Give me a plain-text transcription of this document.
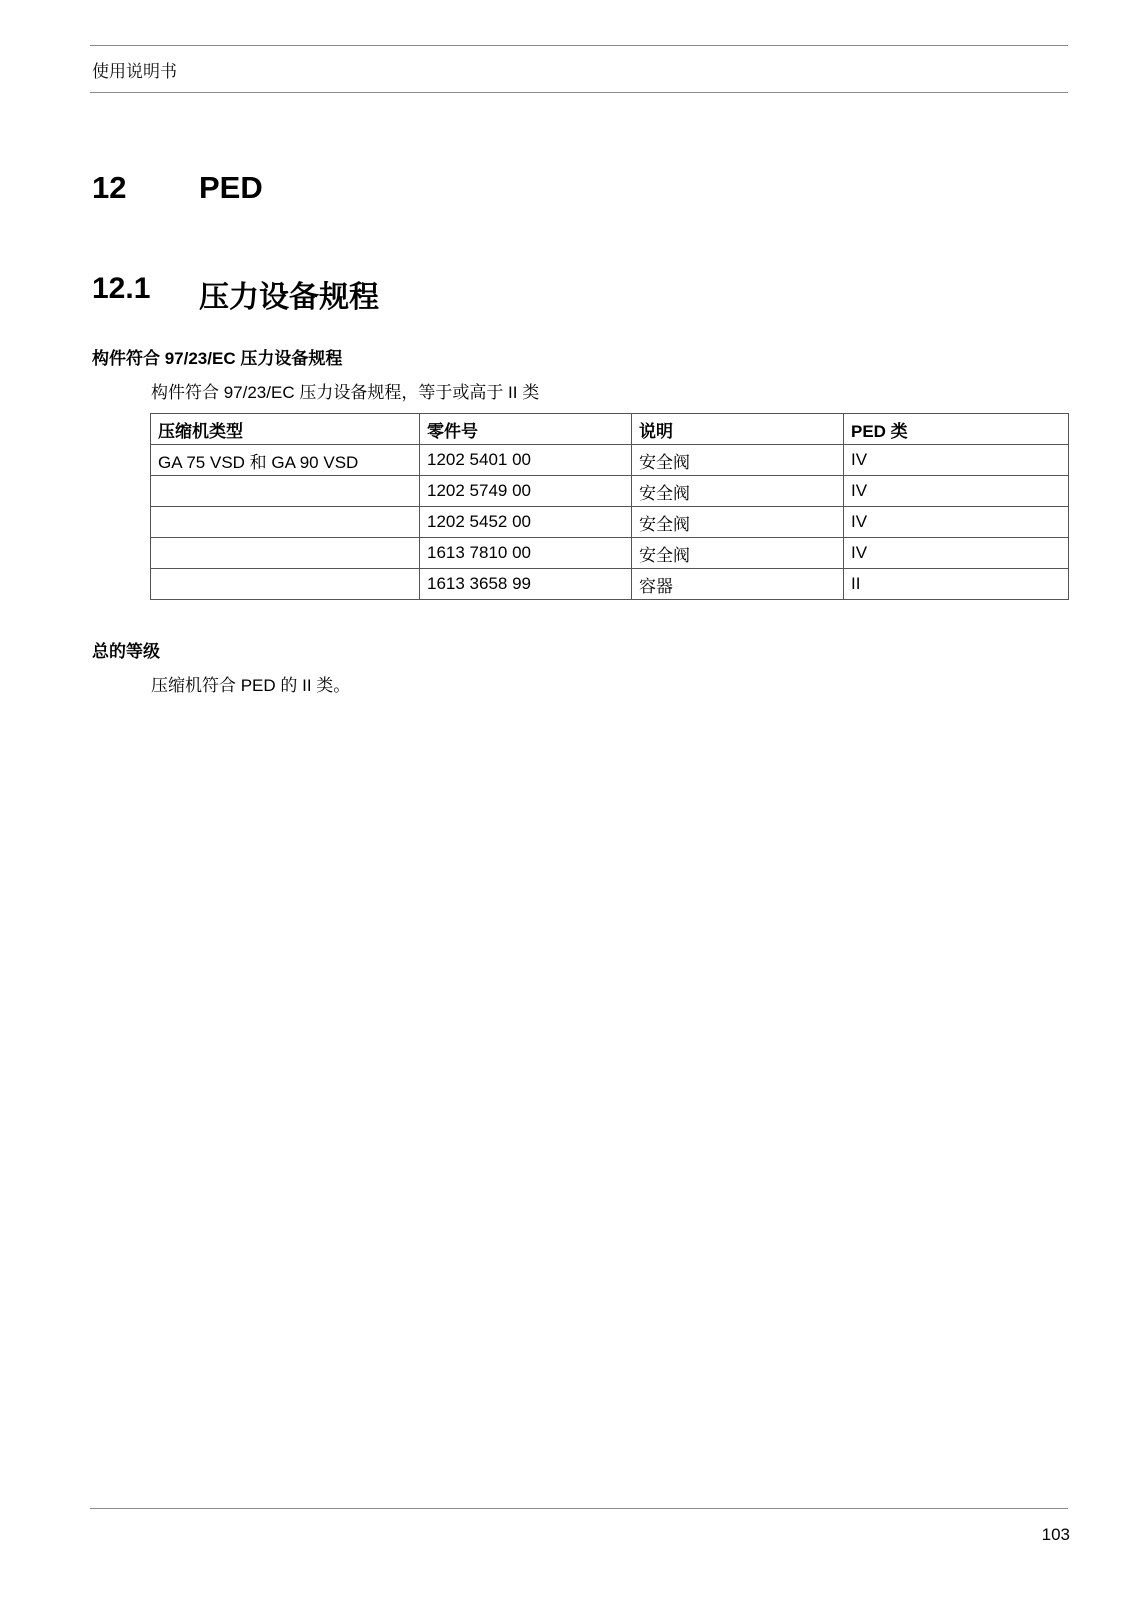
使用说明书
12 PED
12.1 压力设备规程
构件符合 97/23/EC 压力设备规程
构件符合 97/23/EC 压力设备规程，等于或高于 II 类
压缩机类型	零件号	说明	PED 类
GA 75 VSD 和 GA 90 VSD	1202 5401 00	安全阀	IV
	1202 5749 00	安全阀	IV
	1202 5452 00	安全阀	IV
	1613 7810 00	安全阀	IV
	1613 3658 99	容器	II
总的等级
压缩机符合 PED 的 II 类。
103
